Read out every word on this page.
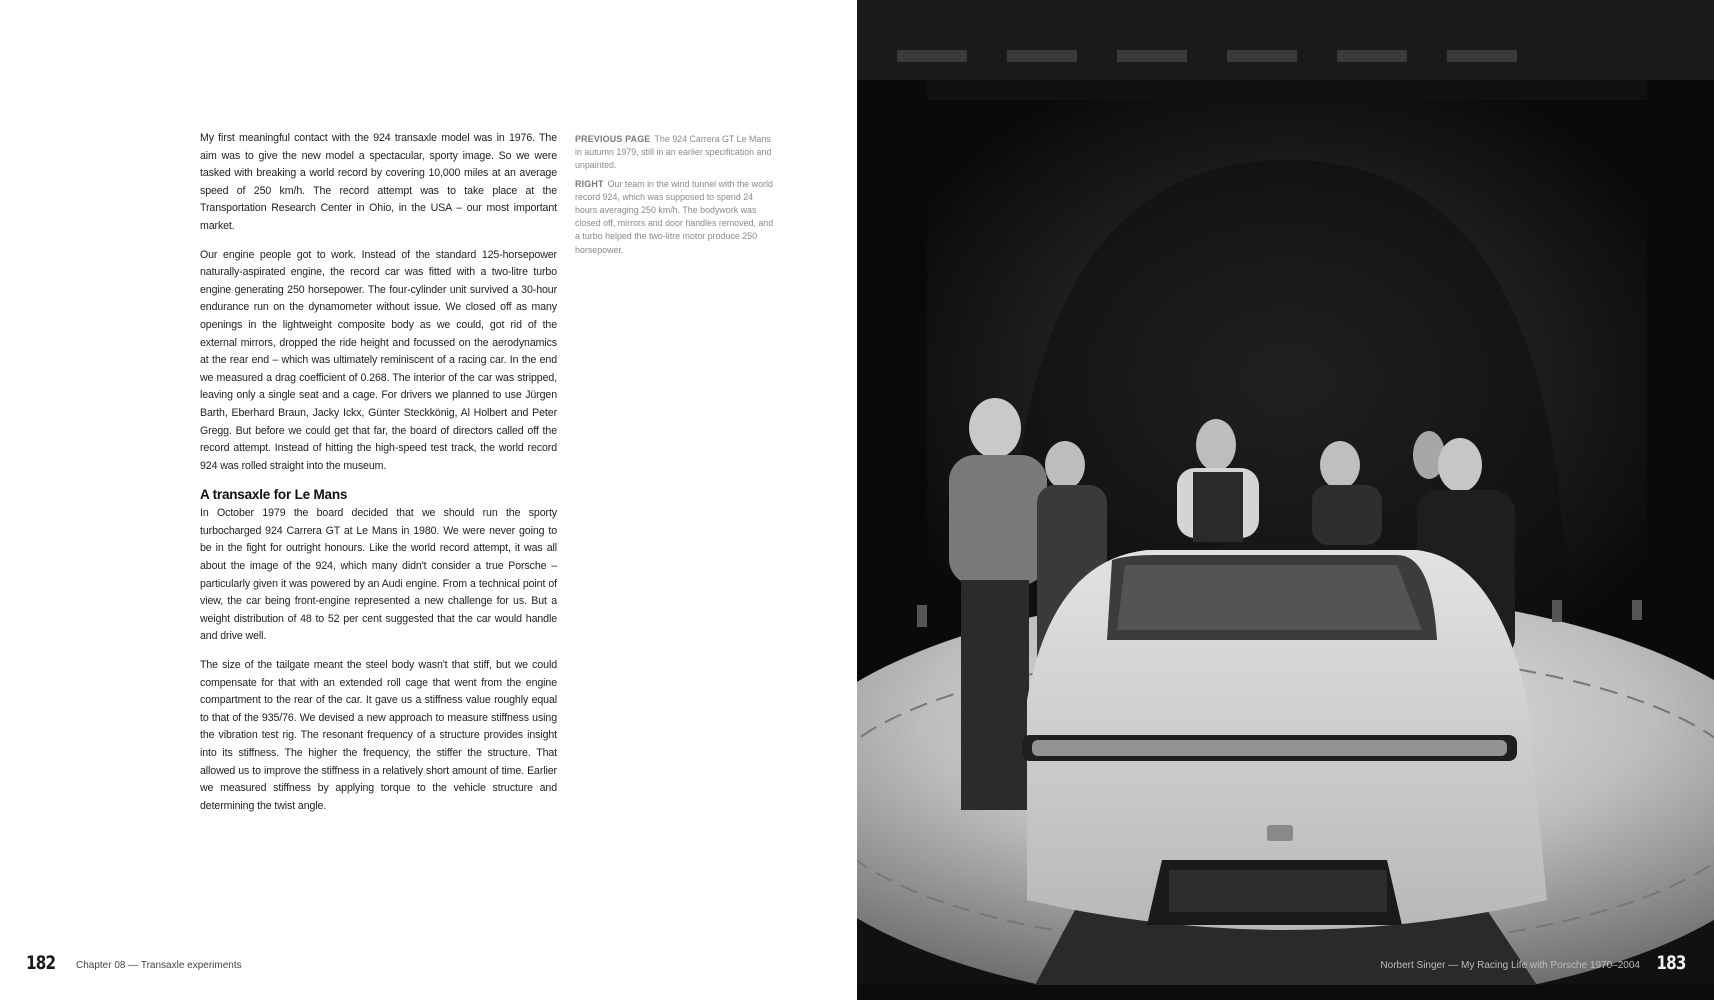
My first meaningful contact with the 924 transaxle model was in 1976. The aim was to give the new model a spectacular, sporty image. So we were tasked with breaking a world record by covering 10,000 miles at an average speed of 250 km/h. The record attempt was to take place at the Transportation Research Center in Ohio, in the USA – our most important market.

Our engine people got to work. Instead of the standard 125-horsepower naturally-aspirated engine, the record car was fitted with a two-litre turbo engine generating 250 horsepower. The four-cylinder unit survived a 30-hour endurance run on the dynamometer without issue. We closed off as many openings in the lightweight composite body as we could, got rid of the external mirrors, dropped the ride height and focussed on the aerodynamics at the rear end – which was ultimately reminiscent of a racing car. In the end we measured a drag coefficient of 0.268. The interior of the car was stripped, leaving only a single seat and a cage. For drivers we planned to use Jürgen Barth, Eberhard Braun, Jacky Ickx, Günter Steckkönig, Al Holbert and Peter Gregg. But before we could get that far, the board of directors called off the record attempt. Instead of hitting the high-speed test track, the world record 924 was rolled straight into the museum.

A transaxle for Le Mans

In October 1979 the board decided that we should run the sporty turbocharged 924 Carrera GT at Le Mans in 1980. We were never going to be in the fight for outright honours. Like the world record attempt, it was all about the image of the 924, which many didn't consider a true Porsche – particularly given it was powered by an Audi engine. From a technical point of view, the car being front-engine represented a new challenge for us. But a weight distribution of 48 to 52 per cent suggested that the car would handle and drive well.

The size of the tailgate meant the steel body wasn't that stiff, but we could compensate for that with an extended roll cage that went from the engine compartment to the rear of the car. It gave us a stiffness value roughly equal to that of the 935/76. We devised a new approach to measure stiffness using the vibration test rig. The resonant frequency of a structure provides insight into its stiffness. The higher the frequency, the stiffer the structure. That allowed us to improve the stiffness in a relatively short amount of time. Earlier we measured stiffness by applying torque to the vehicle structure and determining the twist angle.

PREVIOUS PAGE The 924 Carrera GT Le Mans in autumn 1979, still in an earlier specification and unpainted.

RIGHT Our team in the wind tunnel with the world record 924, which was supposed to spend 24 hours averaging 250 km/h. The bodywork was closed off, mirrors and door handles removed, and a turbo helped the two-litre motor produce 250 horsepower.

182 Chapter 08 — Transaxle experiments	Norbert Singer — My Racing Life with Porsche 1970–2004 183
